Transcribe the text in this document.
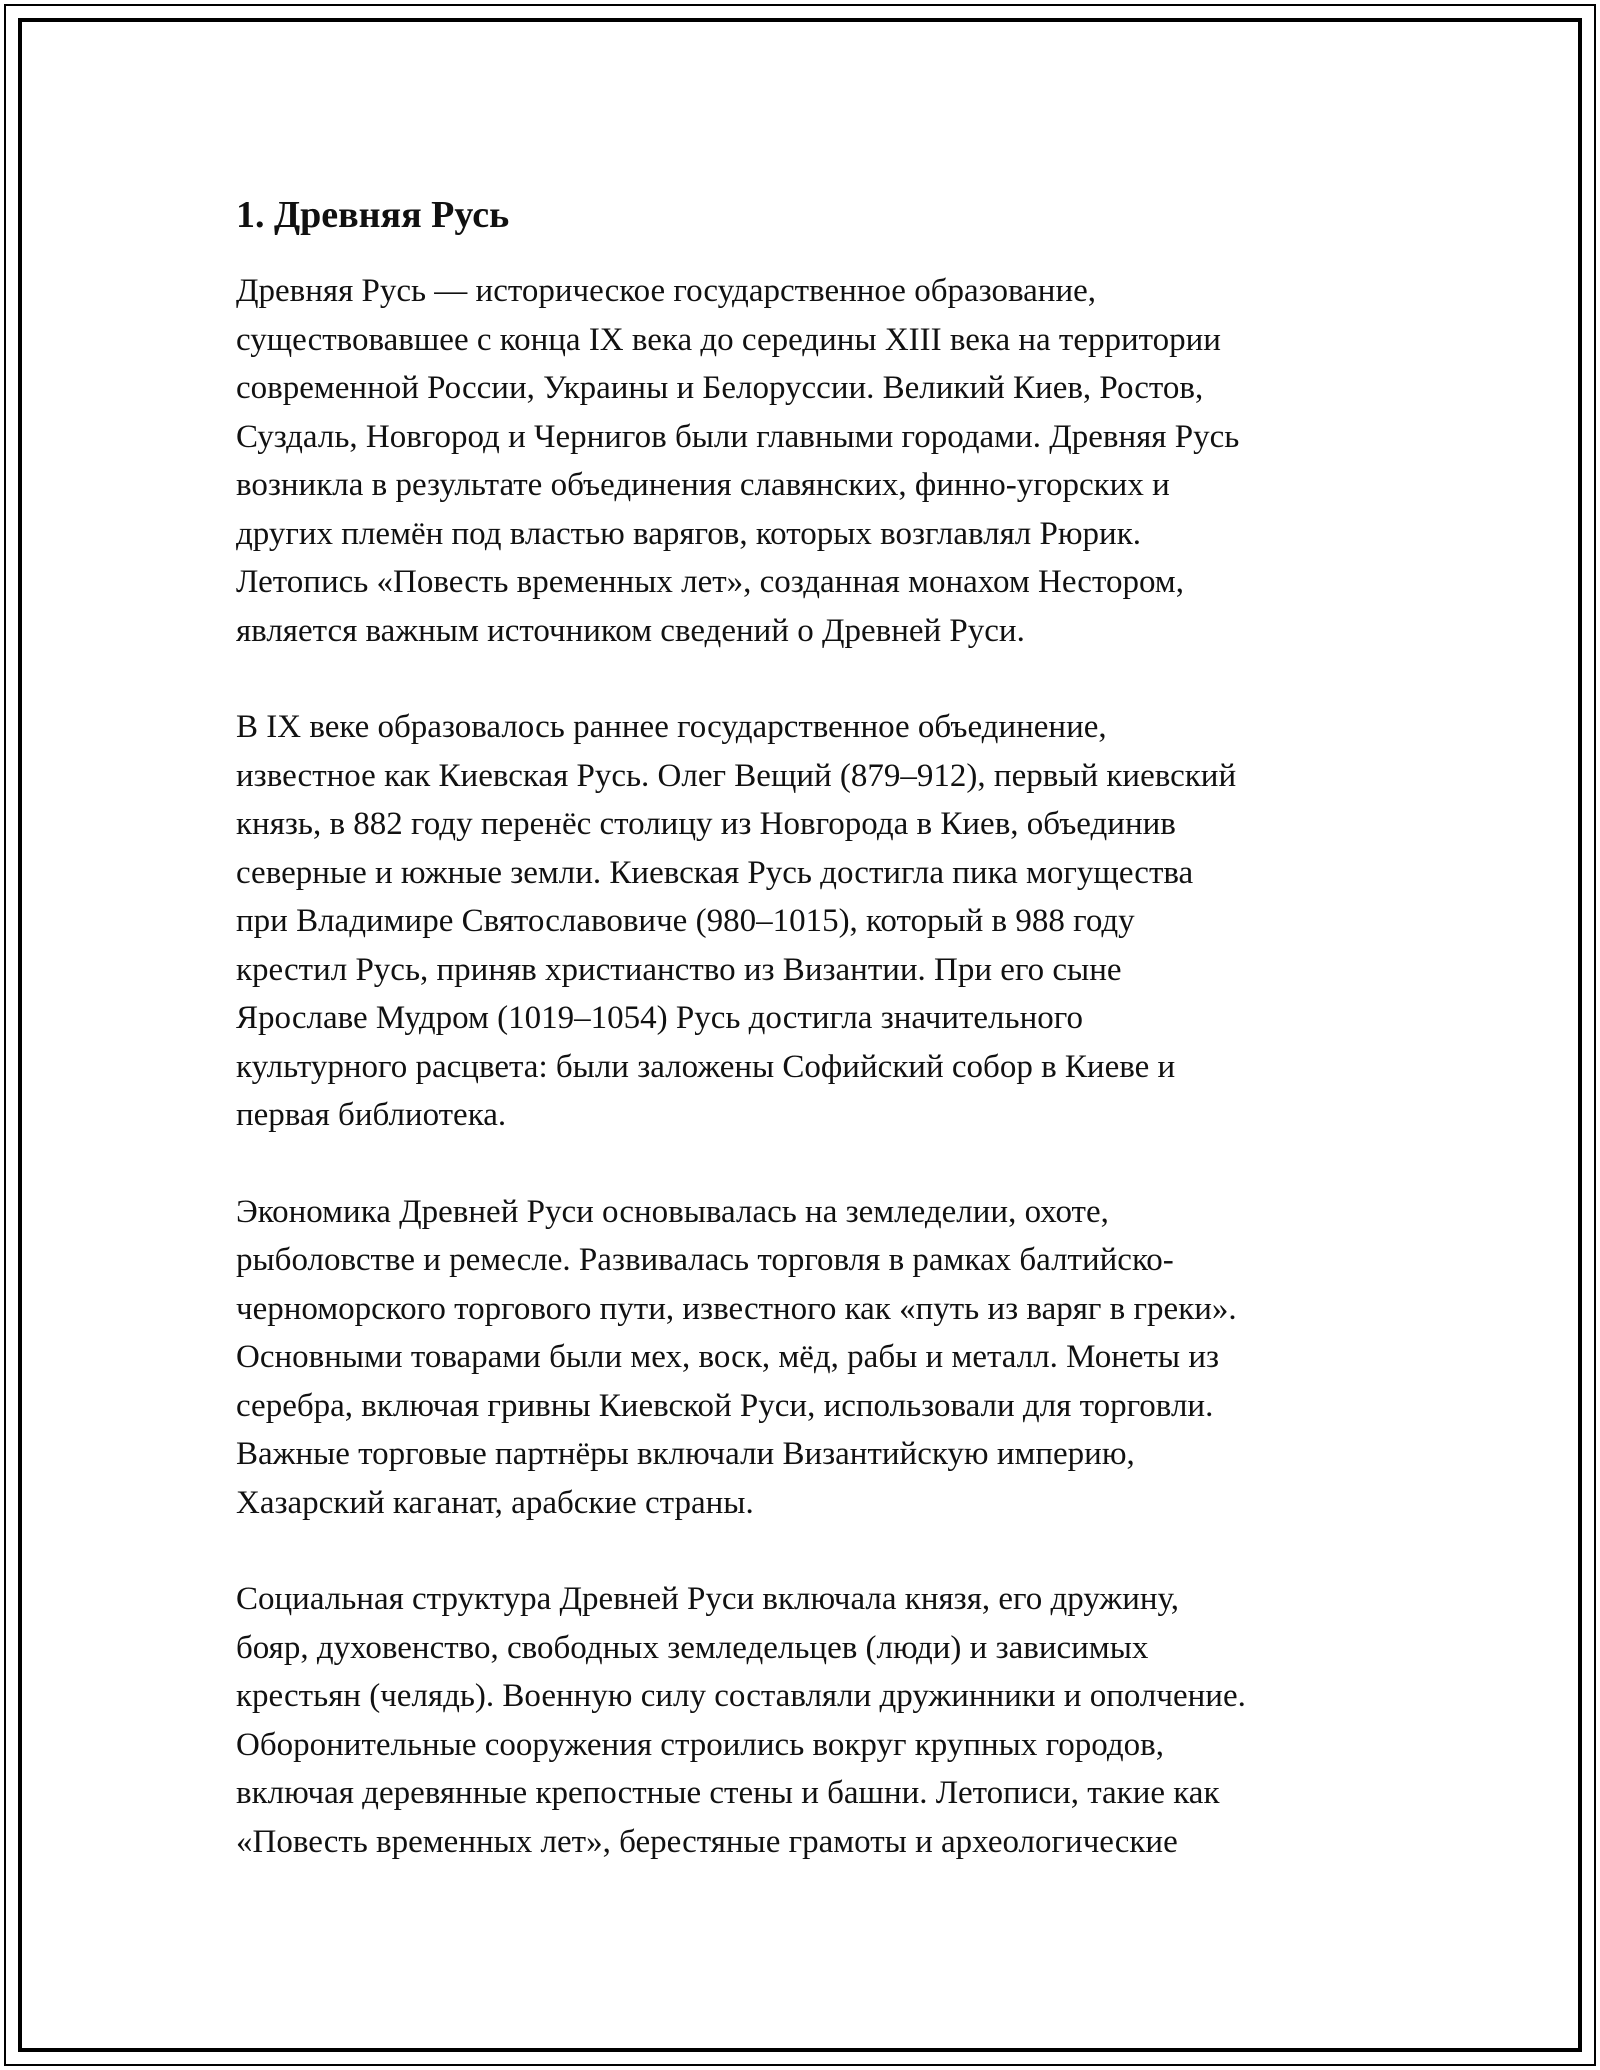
1. Древняя Русь

Древняя Русь — историческое государственное образование,
существовавшее с конца IX века до середины XIII века на территории
современной России, Украины и Белоруссии. Великий Киев, Ростов,
Суздаль, Новгород и Чернигов были главными городами. Древняя Русь
возникла в результате объединения славянских, финно-угорских и
других племён под властью варягов, которых возглавлял Рюрик.
Летопись «Повесть временных лет», созданная монахом Нестором,
является важным источником сведений о Древней Руси.

В IX веке образовалось раннее государственное объединение,
известное как Киевская Русь. Олег Вещий (879–912), первый киевский
князь, в 882 году перенёс столицу из Новгорода в Киев, объединив
северные и южные земли. Киевская Русь достигла пика могущества
при Владимире Святославовиче (980–1015), который в 988 году
крестил Русь, приняв христианство из Византии. При его сыне
Ярославе Мудром (1019–1054) Русь достигла значительного
культурного расцвета: были заложены Софийский собор в Киеве и
первая библиотека.

Экономика Древней Руси основывалась на земледелии, охоте,
рыболовстве и ремесле. Развивалась торговля в рамках балтийско-
черноморского торгового пути, известного как «путь из варяг в греки».
Основными товарами были мех, воск, мёд, рабы и металл. Монеты из
серебра, включая гривны Киевской Руси, использовали для торговли.
Важные торговые партнёры включали Византийскую империю,
Хазарский каганат, арабские страны.

Социальная структура Древней Руси включала князя, его дружину,
бояр, духовенство, свободных земледельцев (люди) и зависимых
крестьян (челядь). Военную силу составляли дружинники и ополчение.
Оборонительные сооружения строились вокруг крупных городов,
включая деревянные крепостные стены и башни. Летописи, такие как
«Повесть временных лет», берестяные грамоты и археологические
